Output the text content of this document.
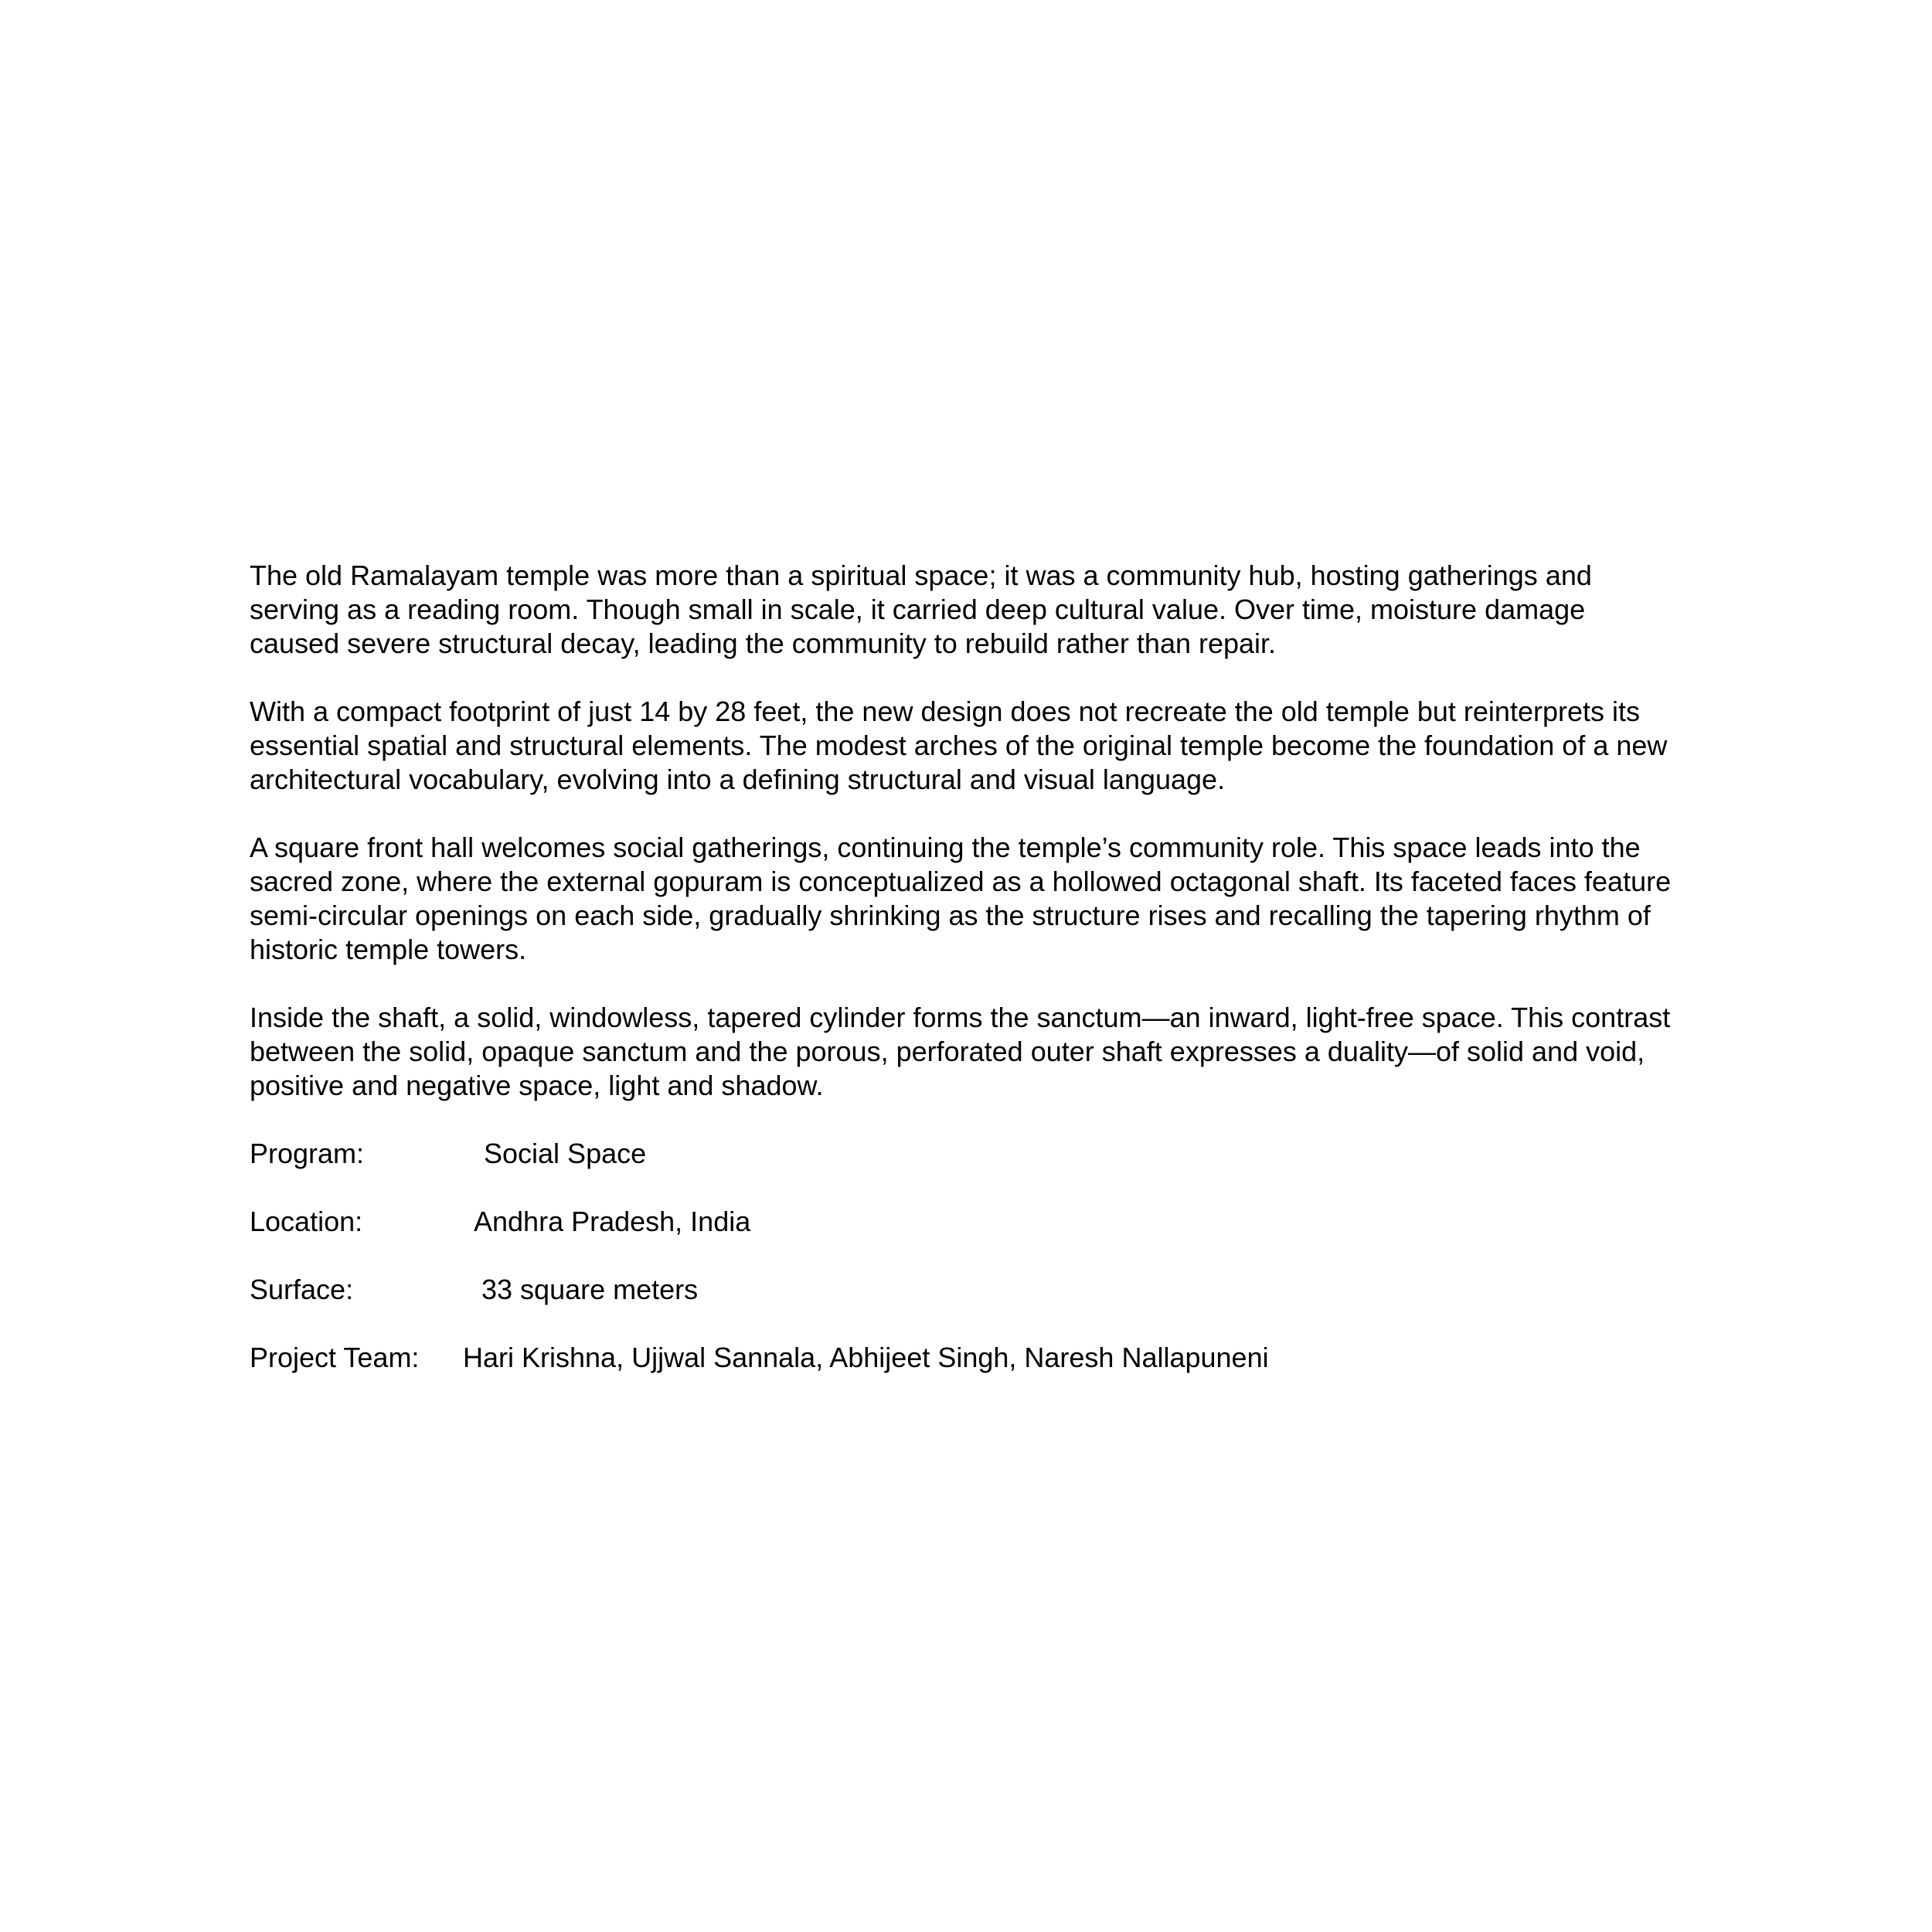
The old Ramalayam temple was more than a spiritual space; it was a community hub, hosting gatherings and
serving as a reading room. Though small in scale, it carried deep cultural value. Over time, moisture damage
caused severe structural decay, leading the community to rebuild rather than repair.

With a compact footprint of just 14 by 28 feet, the new design does not recreate the old temple but reinterprets its
essential spatial and structural elements. The modest arches of the original temple become the foundation of a new
architectural vocabulary, evolving into a defining structural and visual language.

A square front hall welcomes social gatherings, continuing the temple’s community role. This space leads into the
sacred zone, where the external gopuram is conceptualized as a hollowed octagonal shaft. Its faceted faces feature
semi-circular openings on each side, gradually shrinking as the structure rises and recalling the tapering rhythm of
historic temple towers.

Inside the shaft, a solid, windowless, tapered cylinder forms the sanctum—an inward, light-free space. This contrast
between the solid, opaque sanctum and the porous, perforated outer shaft expresses a duality—of solid and void,
positive and negative space, light and shadow.

Program:	Social Space
Location:	Andhra Pradesh, India
Surface:	33 square meters
Project Team:	Hari Krishna, Ujjwal Sannala, Abhijeet Singh, Naresh Nallapuneni
